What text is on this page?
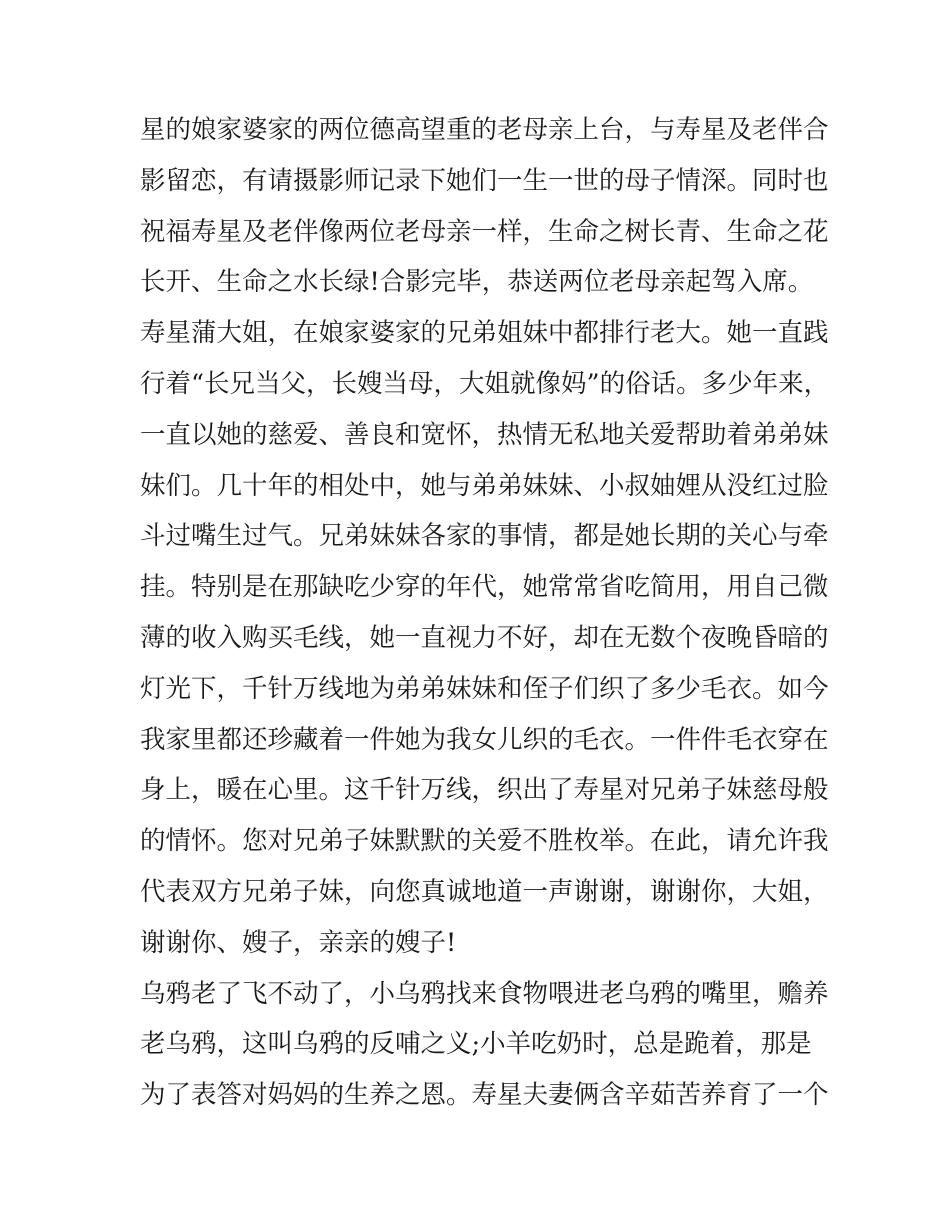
星的娘家婆家的两位德高望重的老母亲上台，与寿星及老伴合
影留恋，有请摄影师记录下她们一生一世的母子情深。同时也
祝福寿星及老伴像两位老母亲一样，生命之树长青、生命之花
长开、生命之水长绿!合影完毕，恭送两位老母亲起驾入席。
寿星蒲大姐，在娘家婆家的兄弟姐妹中都排行老大。她一直践
行着“长兄当父，长嫂当母，大姐就像妈”的俗话。多少年来，
一直以她的慈爱、善良和宽怀，热情无私地关爱帮助着弟弟妹
妹们。几十年的相处中，她与弟弟妹妹、小叔妯娌从没红过脸
斗过嘴生过气。兄弟妹妹各家的事情，都是她长期的关心与牵
挂。特别是在那缺吃少穿的年代，她常常省吃简用，用自己微
薄的收入购买毛线，她一直视力不好，却在无数个夜晚昏暗的
灯光下，千针万线地为弟弟妹妹和侄子们织了多少毛衣。如今
我家里都还珍藏着一件她为我女儿织的毛衣。一件件毛衣穿在
身上，暖在心里。这千针万线，织出了寿星对兄弟子妹慈母般
的情怀。您对兄弟子妹默默的关爱不胜枚举。在此，请允许我
代表双方兄弟子妹，向您真诚地道一声谢谢，谢谢你，大姐，
谢谢你、嫂子，亲亲的嫂子!
乌鸦老了飞不动了，小乌鸦找来食物喂进老乌鸦的嘴里，赡养
老乌鸦，这叫乌鸦的反哺之义;小羊吃奶时，总是跪着，那是
为了表答对妈妈的生养之恩。寿星夫妻俩含辛茹苦养育了一个
